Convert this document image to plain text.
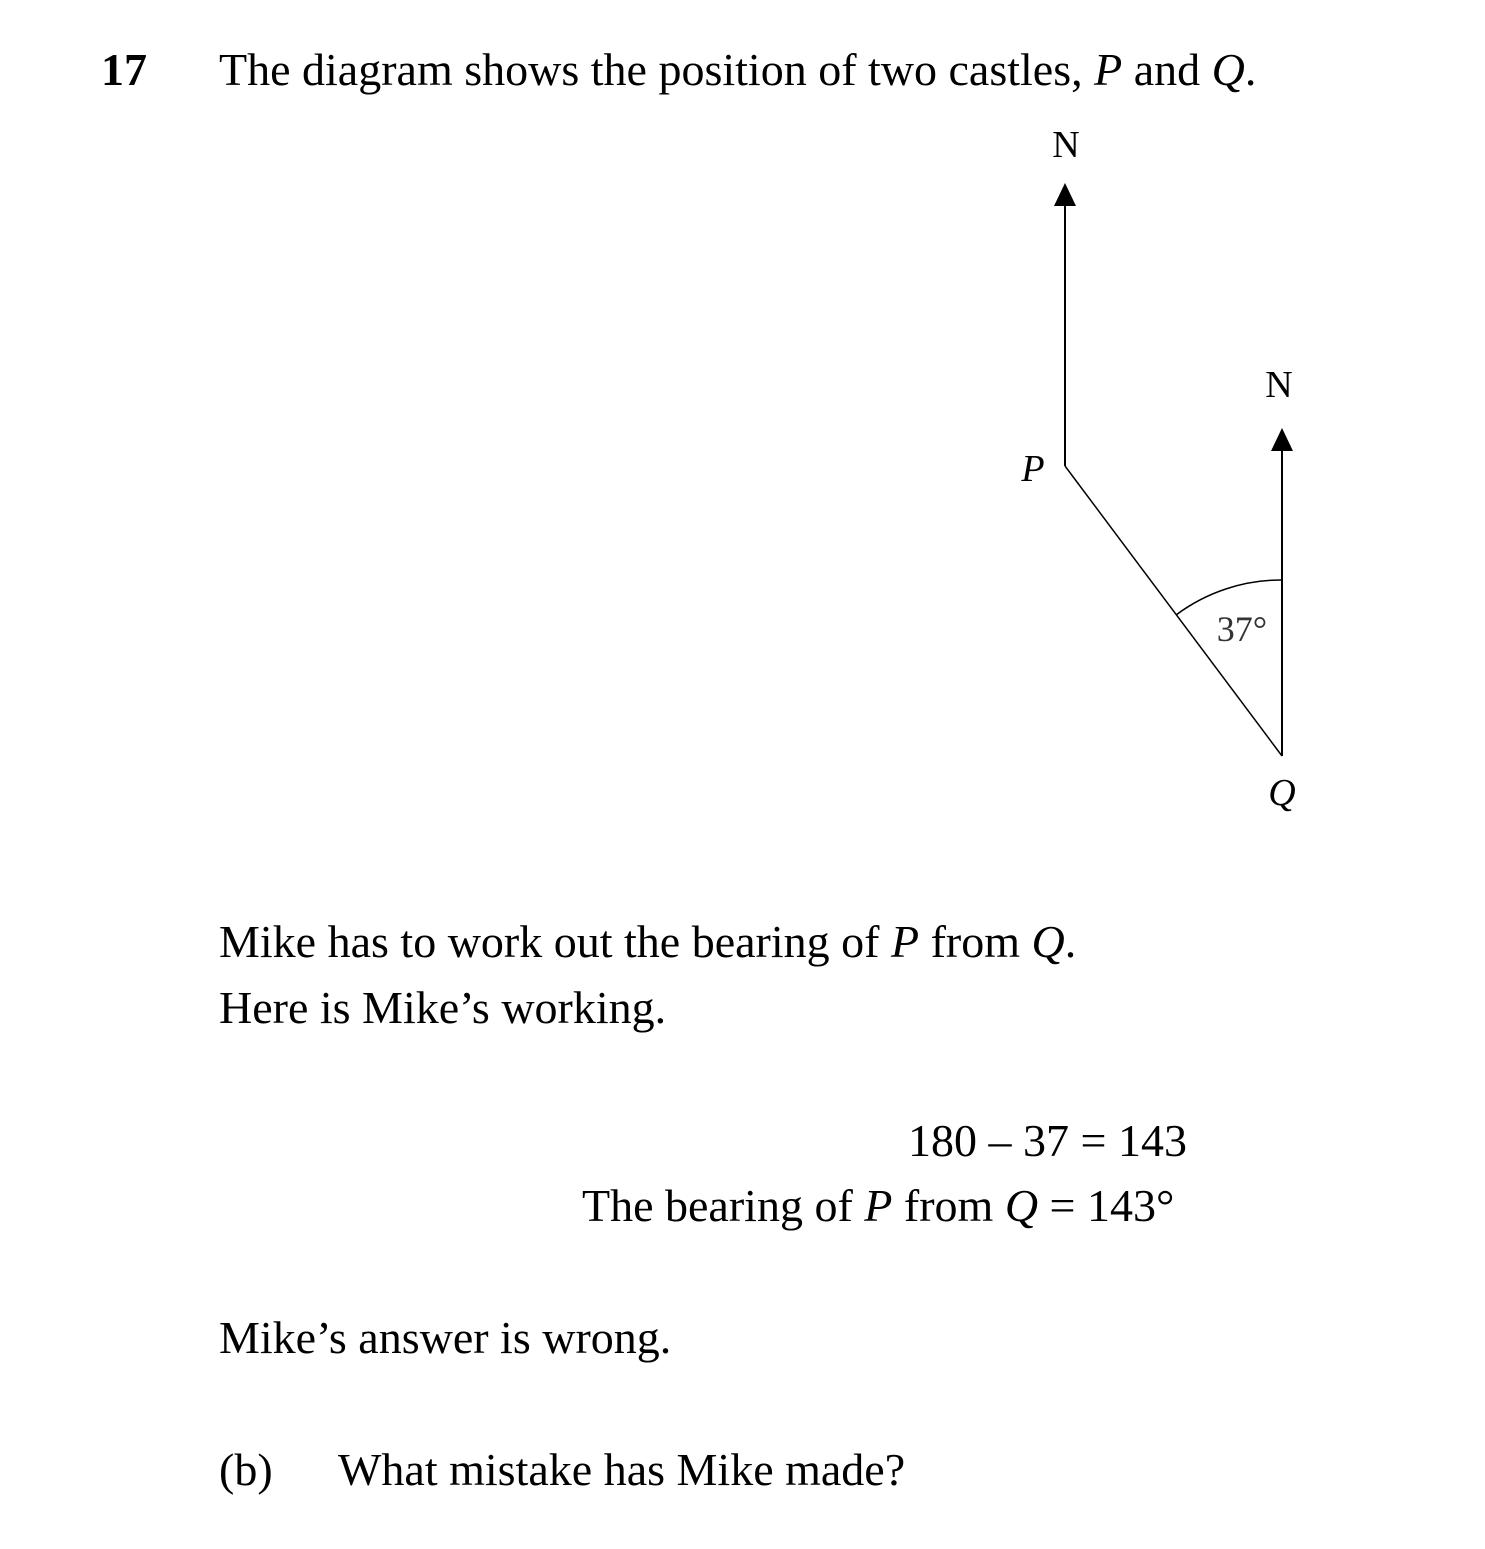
17 The diagram shows the position of two castles, P and Q.
N
N
37°
P
Q
Mike has to work out the bearing of P from Q.
Here is Mike’s working.
180 – 37 = 143
The bearing of P from Q = 143°
Mike’s answer is wrong.
(b) What mistake has Mike made?
